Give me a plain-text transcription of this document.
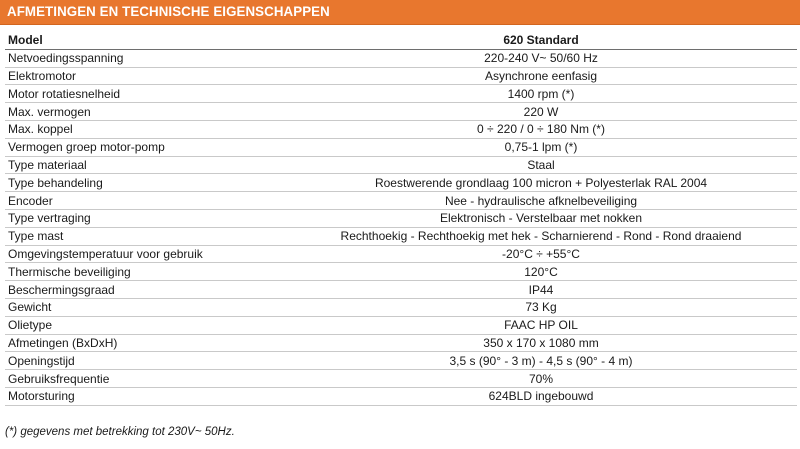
AFMETINGEN EN TECHNISCHE EIGENSCHAPPEN
Model	620 Standard
Netvoedingsspanning	220-240 V~ 50/60 Hz
Elektromotor	Asynchrone eenfasig
Motor rotatiesnelheid	1400 rpm (*)
Max. vermogen	220 W
Max. koppel	0 ÷ 220 / 0 ÷ 180 Nm (*)
Vermogen groep motor-pomp	0,75-1 lpm (*)
Type materiaal	Staal
Type behandeling	Roestwerende grondlaag 100 micron + Polyesterlak RAL 2004
Encoder	Nee - hydraulische afknelbeveiliging
Type vertraging	Elektronisch - Verstelbaar met nokken
Type mast	Rechthoekig - Rechthoekig met hek - Scharnierend - Rond - Rond draaiend
Omgevingstemperatuur voor gebruik	-20°C ÷ +55°C
Thermische beveiliging	120°C
Beschermingsgraad	IP44
Gewicht	73 Kg
Olietype	FAAC HP OIL
Afmetingen (BxDxH)	350 x 170 x 1080 mm
Openingstijd	3,5 s (90° - 3 m) - 4,5 s (90° - 4 m)
Gebruiksfrequentie	70%
Motorsturing	624BLD ingebouwd
(*) gegevens met betrekking tot 230V~ 50Hz.
